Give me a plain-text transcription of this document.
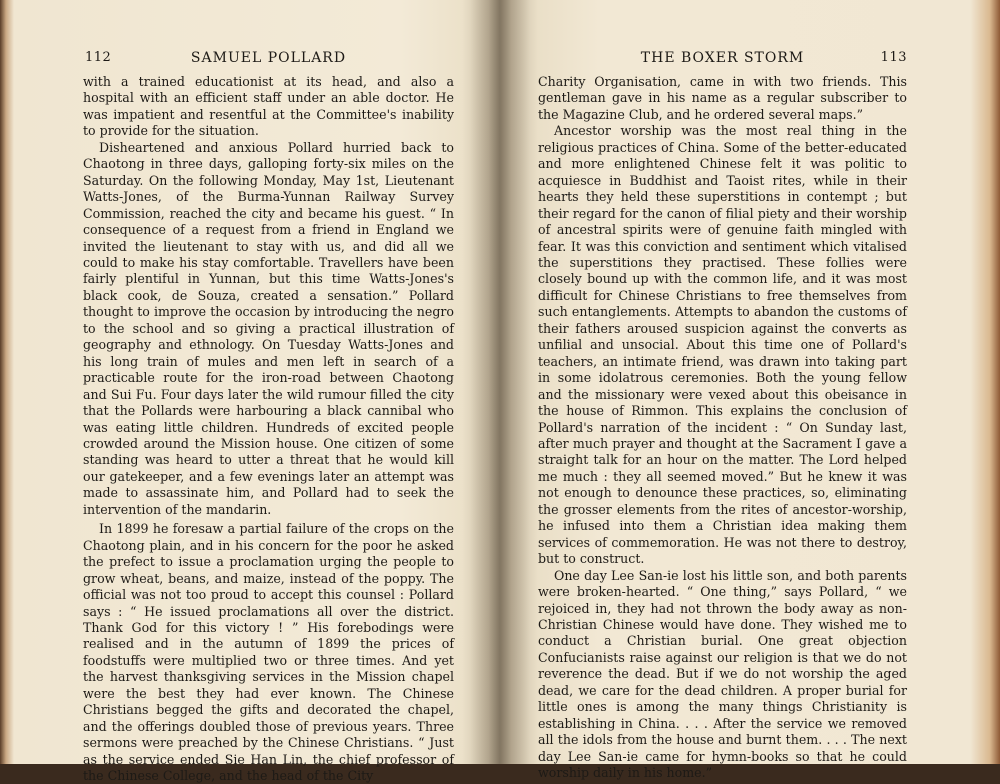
112	SAMUEL POLLARD

with a trained educationist at its head, and also a hospital with an efficient staff under an able doctor. He was impatient and resentful at the Committee's inability to provide for the situation.

Disheartened and anxious Pollard hurried back to Chaotong in three days, galloping forty-six miles on the Saturday. On the following Monday, May 1st, Lieutenant Watts-Jones, of the Burma-Yunnan Railway Survey Commission, reached the city and became his guest. “ In consequence of a request from a friend in England we invited the lieutenant to stay with us, and did all we could to make his stay comfortable. Travellers have been fairly plentiful in Yunnan, but this time Watts-Jones's black cook, de Souza, created a sensation.” Pollard thought to improve the occasion by introducing the negro to the school and so giving a practical illustration of geography and ethnology. On Tuesday Watts-Jones and his long train of mules and men left in search of a practicable route for the iron-road between Chaotong and Sui Fu. Four days later the wild rumour filled the city that the Pollards were harbouring a black cannibal who was eating little children. Hundreds of excited people crowded around the Mission house. One citizen of some standing was heard to utter a threat that he would kill our gatekeeper, and a few evenings later an attempt was made to assassinate him, and Pollard had to seek the intervention of the mandarin.

In 1899 he foresaw a partial failure of the crops on the Chaotong plain, and in his concern for the poor he asked the prefect to issue a proclamation urging the people to grow wheat, beans, and maize, instead of the poppy. The official was not too proud to accept this counsel : Pollard says : “ He issued proclamations all over the district. Thank God for this victory ! ” His forebodings were realised and in the autumn of 1899 the prices of foodstuffs were multiplied two or three times. And yet the harvest thanksgiving services in the Mission chapel were the best they had ever known. The Chinese Christians begged the gifts and decorated the chapel, and the offerings doubled those of previous years. Three sermons were preached by the Chinese Christians. “ Just as the service ended Sie Han Lin, the chief professor of the Chinese College, and the head of the City

THE BOXER STORM	113

Charity Organisation, came in with two friends. This gentleman gave in his name as a regular subscriber to the Magazine Club, and he ordered several maps.”

Ancestor worship was the most real thing in the religious practices of China. Some of the better-educated and more enlightened Chinese felt it was politic to acquiesce in Buddhist and Taoist rites, while in their hearts they held these superstitions in contempt ; but their regard for the canon of filial piety and their worship of ancestral spirits were of genuine faith mingled with fear. It was this conviction and sentiment which vitalised the superstitions they practised. These follies were closely bound up with the common life, and it was most difficult for Chinese Christians to free themselves from such entanglements. Attempts to abandon the customs of their fathers aroused suspicion against the converts as unfilial and unsocial. About this time one of Pollard's teachers, an intimate friend, was drawn into taking part in some idolatrous ceremonies. Both the young fellow and the missionary were vexed about this obeisance in the house of Rimmon. This explains the conclusion of Pollard's narration of the incident : “ On Sunday last, after much prayer and thought at the Sacrament I gave a straight talk for an hour on the matter. The Lord helped me much : they all seemed moved.” But he knew it was not enough to denounce these practices, so, eliminating the grosser elements from the rites of ancestor-worship, he infused into them a Christian idea making them services of commemoration. He was not there to destroy, but to construct.

One day Lee San-ie lost his little son, and both parents were broken-hearted. “ One thing,” says Pollard, “ we rejoiced in, they had not thrown the body away as non-Christian Chinese would have done. They wished me to conduct a Christian burial. One great objection Confucianists raise against our religion is that we do not reverence the dead. But if we do not worship the aged dead, we care for the dead children. A proper burial for little ones is among the many things Christianity is establishing in China. . . . After the service we removed all the idols from the house and burnt them. . . . The next day Lee San-ie came for hymn-books so that he could worship daily in his home.”
